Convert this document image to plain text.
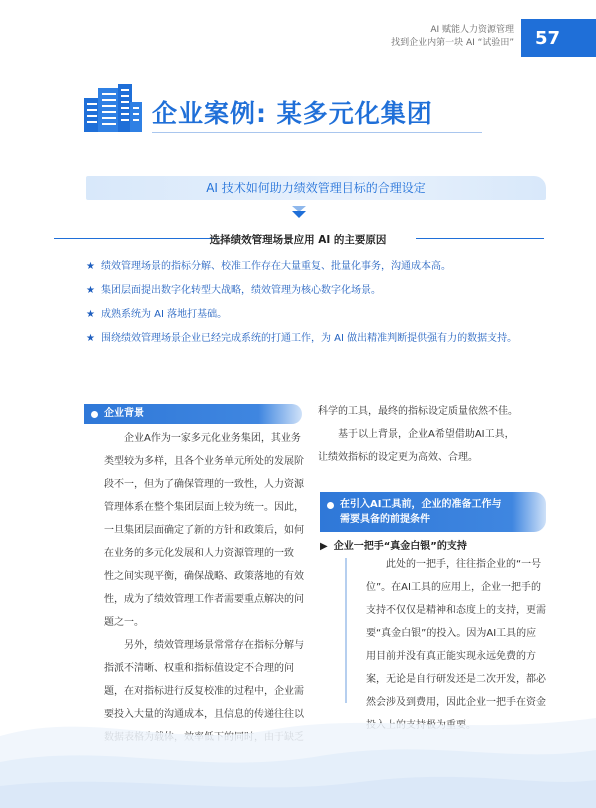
AI 赋能人力资源管理
找到企业内第一块 AI “试验田”	57
企业案例: 某多元化集团
AI 技术如何助力绩效管理目标的合理设定
选择绩效管理场景应用 AI 的主要原因
★ 绩效管理场景的指标分解、校准工作存在大量重复、批量化事务，沟通成本高。
★ 集团层面提出数字化转型大战略，绩效管理为核心数字化场景。
★ 成熟系统为 AI 落地打基础。
★ 围绕绩效管理场景企业已经完成系统的打通工作，为 AI 做出精准判断提供强有力的数据支持。
企业背景

企业A作为一家多元化业务集团，其业务
类型较为多样，且各个业务单元所处的发展阶
段不一，但为了确保管理的一致性，人力资源
管理体系在整个集团层面上较为统一。因此，
一旦集团层面确定了新的方针和政策后，如何
在业务的多元化发展和人力资源管理的一致
性之间实现平衡，确保战略、政策落地的有效
性，成为了绩效管理工作者需要重点解决的问
题之一。

另外，绩效管理场景常常存在指标分解与
指派不清晰、权重和指标值设定不合理的问
题，在对指标进行反复校准的过程中，企业需
要投入大量的沟通成本，且信息的传递往往以

科学的工具，最终的指标设定质量依然不佳。
基于以上背景，企业A希望借助AI工具，
让绩效指标的设定更为高效、合理。

在引入AI工具前，企业的准备工作与
需要具备的前提条件
▶ 企业一把手“真金白银”的支持

此处的一把手，往往指企业的“一号
位”。在AI工具的应用上，企业一把手的
支持不仅仅是精神和态度上的支持，更需
要“真金白银”的投入。因为AI工具的应
用目前并没有真正能实现永远免费的方
案，无论是自行研发还是二次开发，都必
然会涉及到费用，因此企业一把手在资金
